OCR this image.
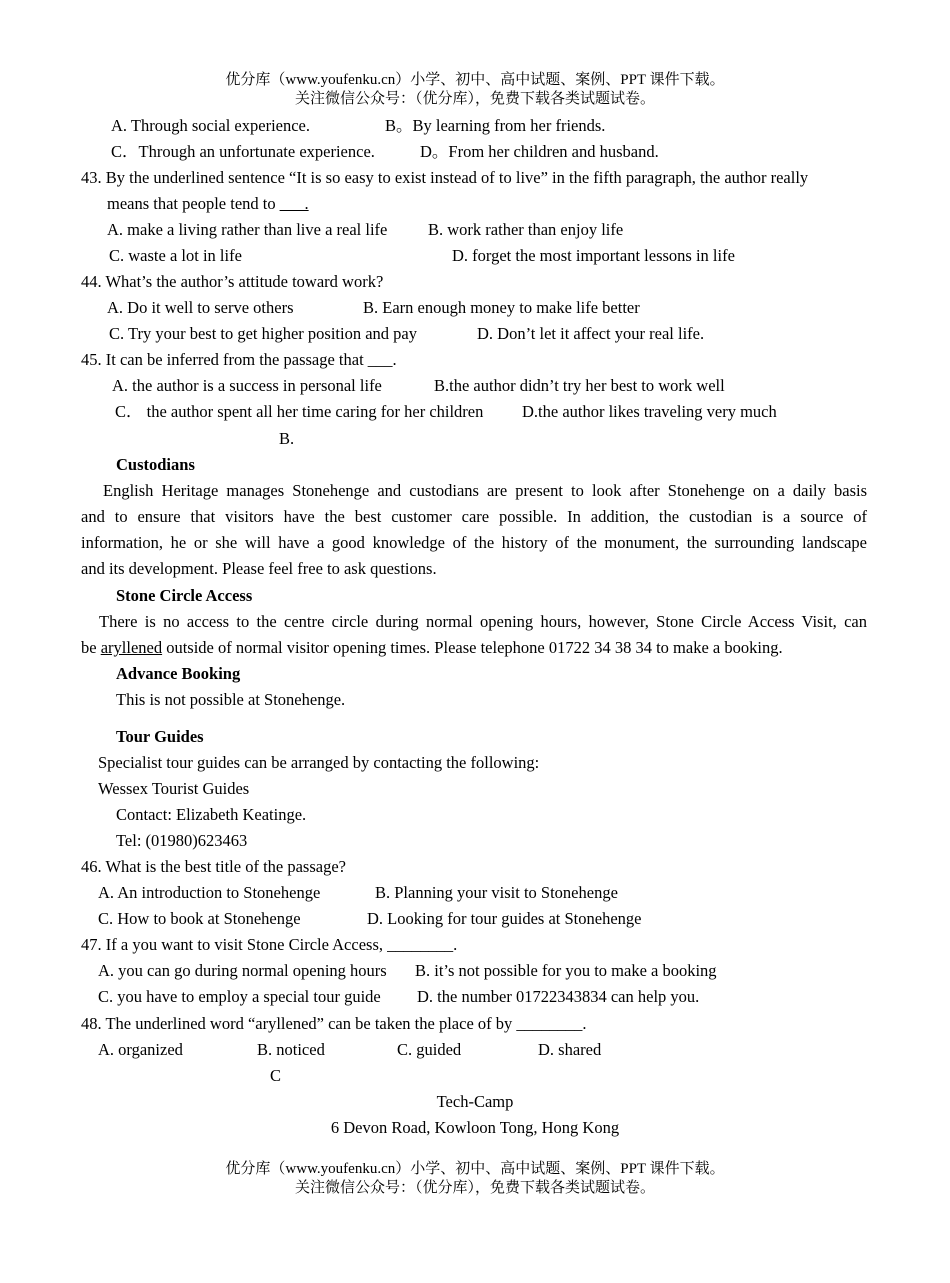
优分库（www.youfenku.cn）小学、初中、高中试题、案例、PPT 课件下载。
关注微信公众号：（优分库），免费下载各类试题试卷。
A. Through social experience.	B。By learning from her friends.
C．Through an unfortunate experience.	D。From her children and husband.
43. By the underlined sentence “It is so easy to exist instead of to live” in the fifth paragraph, the author really
means that people tend to ___.
A. make a living rather than live a real life B. work rather than enjoy life
C. waste a lot in life	D. forget the most important lessons in life
44. What’s the author’s attitude toward work?
A. Do it well to serve others	B. Earn enough money to make life better
C. Try your best to get higher position and pay	D. Don’t let it affect your real life.
45. It can be inferred from the passage that ___.
A. the author is a success in personal life	B.the author didn’t try her best to work well
C． the author spent all her time caring for her children D.the author likes traveling very much
B.
Custodians
English Heritage manages Stonehenge and custodians are present to look after Stonehenge on a daily basis
and to ensure that visitors have the best customer care possible. In addition, the custodian is a source of
information, he or she will have a good knowledge of the history of the monument, the surrounding landscape
and its development. Please feel free to ask questions.
Stone Circle Access
There is no access to the centre circle during normal opening hours, however, Stone Circle Access Visit, can
be aryllened outside of normal visitor opening times. Please telephone 01722 34 38 34 to make a booking.
Advance Booking
This is not possible at Stonehenge.
Tour Guides
Specialist tour guides can be arranged by contacting the following:
Wessex Tourist Guides
Contact: Elizabeth Keatinge.
Tel: (01980)623463
46. What is the best title of the passage?
A. An introduction to Stonehenge	B. Planning your visit to Stonehenge
C. How to book at Stonehenge	D. Looking for tour guides at Stonehenge
47. If a you want to visit Stone Circle Access, ________.
A. you can go during normal opening hours B. it’s not possible for you to make a booking
C. you have to employ a special tour guide D. the number 01722343834 can help you.
48. The underlined word “aryllened” can be taken the place of by ________.
A. organized	B. noticed	C. guided	D. shared
C
Tech-Camp
6 Devon Road, Kowloon Tong, Hong Kong
优分库（www.youfenku.cn）小学、初中、高中试题、案例、PPT 课件下载。
关注微信公众号：（优分库），免费下载各类试题试卷。
